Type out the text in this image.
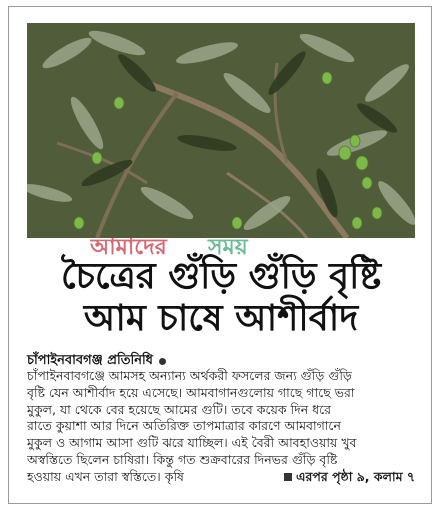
আমাদের সময়
চৈত্রের গুঁড়ি গুঁড়ি বৃষ্টি
আম চাষে আশীর্বাদ
চাঁপাইনবাবগঞ্জ প্রতিনিধি
চাঁপাইনবাবগঞ্জে আমসহ অন্যান্য অর্থকরী ফসলের জন্য গুঁড়ি গুঁড়ি
বৃষ্টি যেন আশীর্বাদ হয়ে এসেছে। আমবাগানগুলোয় গাছে গাছে ভরা
মুকুল, যা থেকে বের হয়েছে আমের গুটি। তবে কয়েক দিন ধরে
রাতে কুয়াশা আর দিনে অতিরিক্ত তাপমাত্রার কারণে আমবাগানে
মুকুল ও আগাম আসা গুটি ঝরে যাচ্ছিল। এই বৈরী আবহাওয়ায় খুব
অস্বস্তিতে ছিলেন চাষিরা। কিন্তু গত শুক্রবারের দিনভর গুঁড়ি বৃষ্টি
হওয়ায় এখন তারা স্বস্তিতে। কৃষি	এরপর পৃষ্ঠা ৯, কলাম ৭
